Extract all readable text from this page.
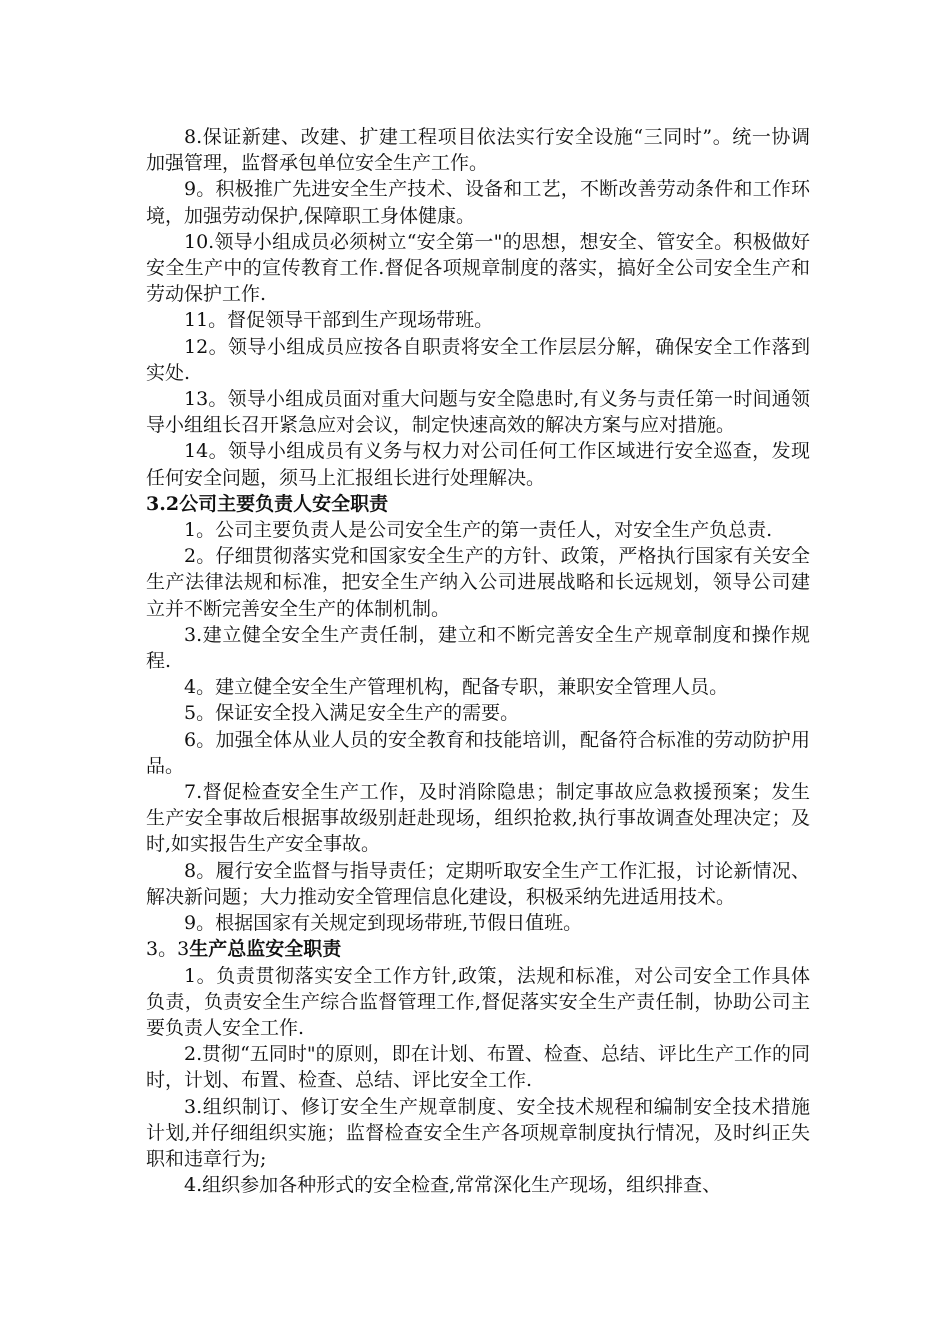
8.保证新建、改建、扩建工程项目依法实行安全设施“三同时”。统一协调加强管理，监督承包单位安全生产工作。

9。积极推广先进安全生产技术、设备和工艺，不断改善劳动条件和工作环境，加强劳动保护,保障职工身体健康。

10.领导小组成员必须树立“安全第一"的思想，想安全、管安全。积极做好安全生产中的宣传教育工作.督促各项规章制度的落实，搞好全公司安全生产和劳动保护工作.

11。督促领导干部到生产现场带班。

12。领导小组成员应按各自职责将安全工作层层分解，确保安全工作落到实处.

13。领导小组成员面对重大问题与安全隐患时,有义务与责任第一时间通领导小组组长召开紧急应对会议，制定快速高效的解决方案与应对措施。

14。领导小组成员有义务与权力对公司任何工作区域进行安全巡查，发现任何安全问题，须马上汇报组长进行处理解决。

3.2公司主要负责人安全职责

1。公司主要负责人是公司安全生产的第一责任人，对安全生产负总责.

2。仔细贯彻落实党和国家安全生产的方针、政策，严格执行国家有关安全生产法律法规和标准，把安全生产纳入公司进展战略和长远规划，领导公司建立并不断完善安全生产的体制机制。

3.建立健全安全生产责任制，建立和不断完善安全生产规章制度和操作规程.

4。建立健全安全生产管理机构，配备专职，兼职安全管理人员。

5。保证安全投入满足安全生产的需要。

6。加强全体从业人员的安全教育和技能培训，配备符合标准的劳动防护用品。

7.督促检查安全生产工作，及时消除隐患；制定事故应急救援预案；发生生产安全事故后根据事故级别赶赴现场，组织抢救,执行事故调查处理决定；及时,如实报告生产安全事故。

8。履行安全监督与指导责任；定期听取安全生产工作汇报，讨论新情况、解决新问题；大力推动安全管理信息化建设，积极采纳先进适用技术。

9。根据国家有关规定到现场带班,节假日值班。

3。3生产总监安全职责

1。负责贯彻落实安全工作方针,政策，法规和标准，对公司安全工作具体负责，负责安全生产综合监督管理工作,督促落实安全生产责任制，协助公司主要负责人安全工作.

2.贯彻“五同时"的原则，即在计划、布置、检查、总结、评比生产工作的同时，计划、布置、检查、总结、评比安全工作.

3.组织制订、修订安全生产规章制度、安全技术规程和编制安全技术措施计划,并仔细组织实施；监督检查安全生产各项规章制度执行情况，及时纠正失职和违章行为;

4.组织参加各种形式的安全检查,常常深化生产现场，组织排查、
